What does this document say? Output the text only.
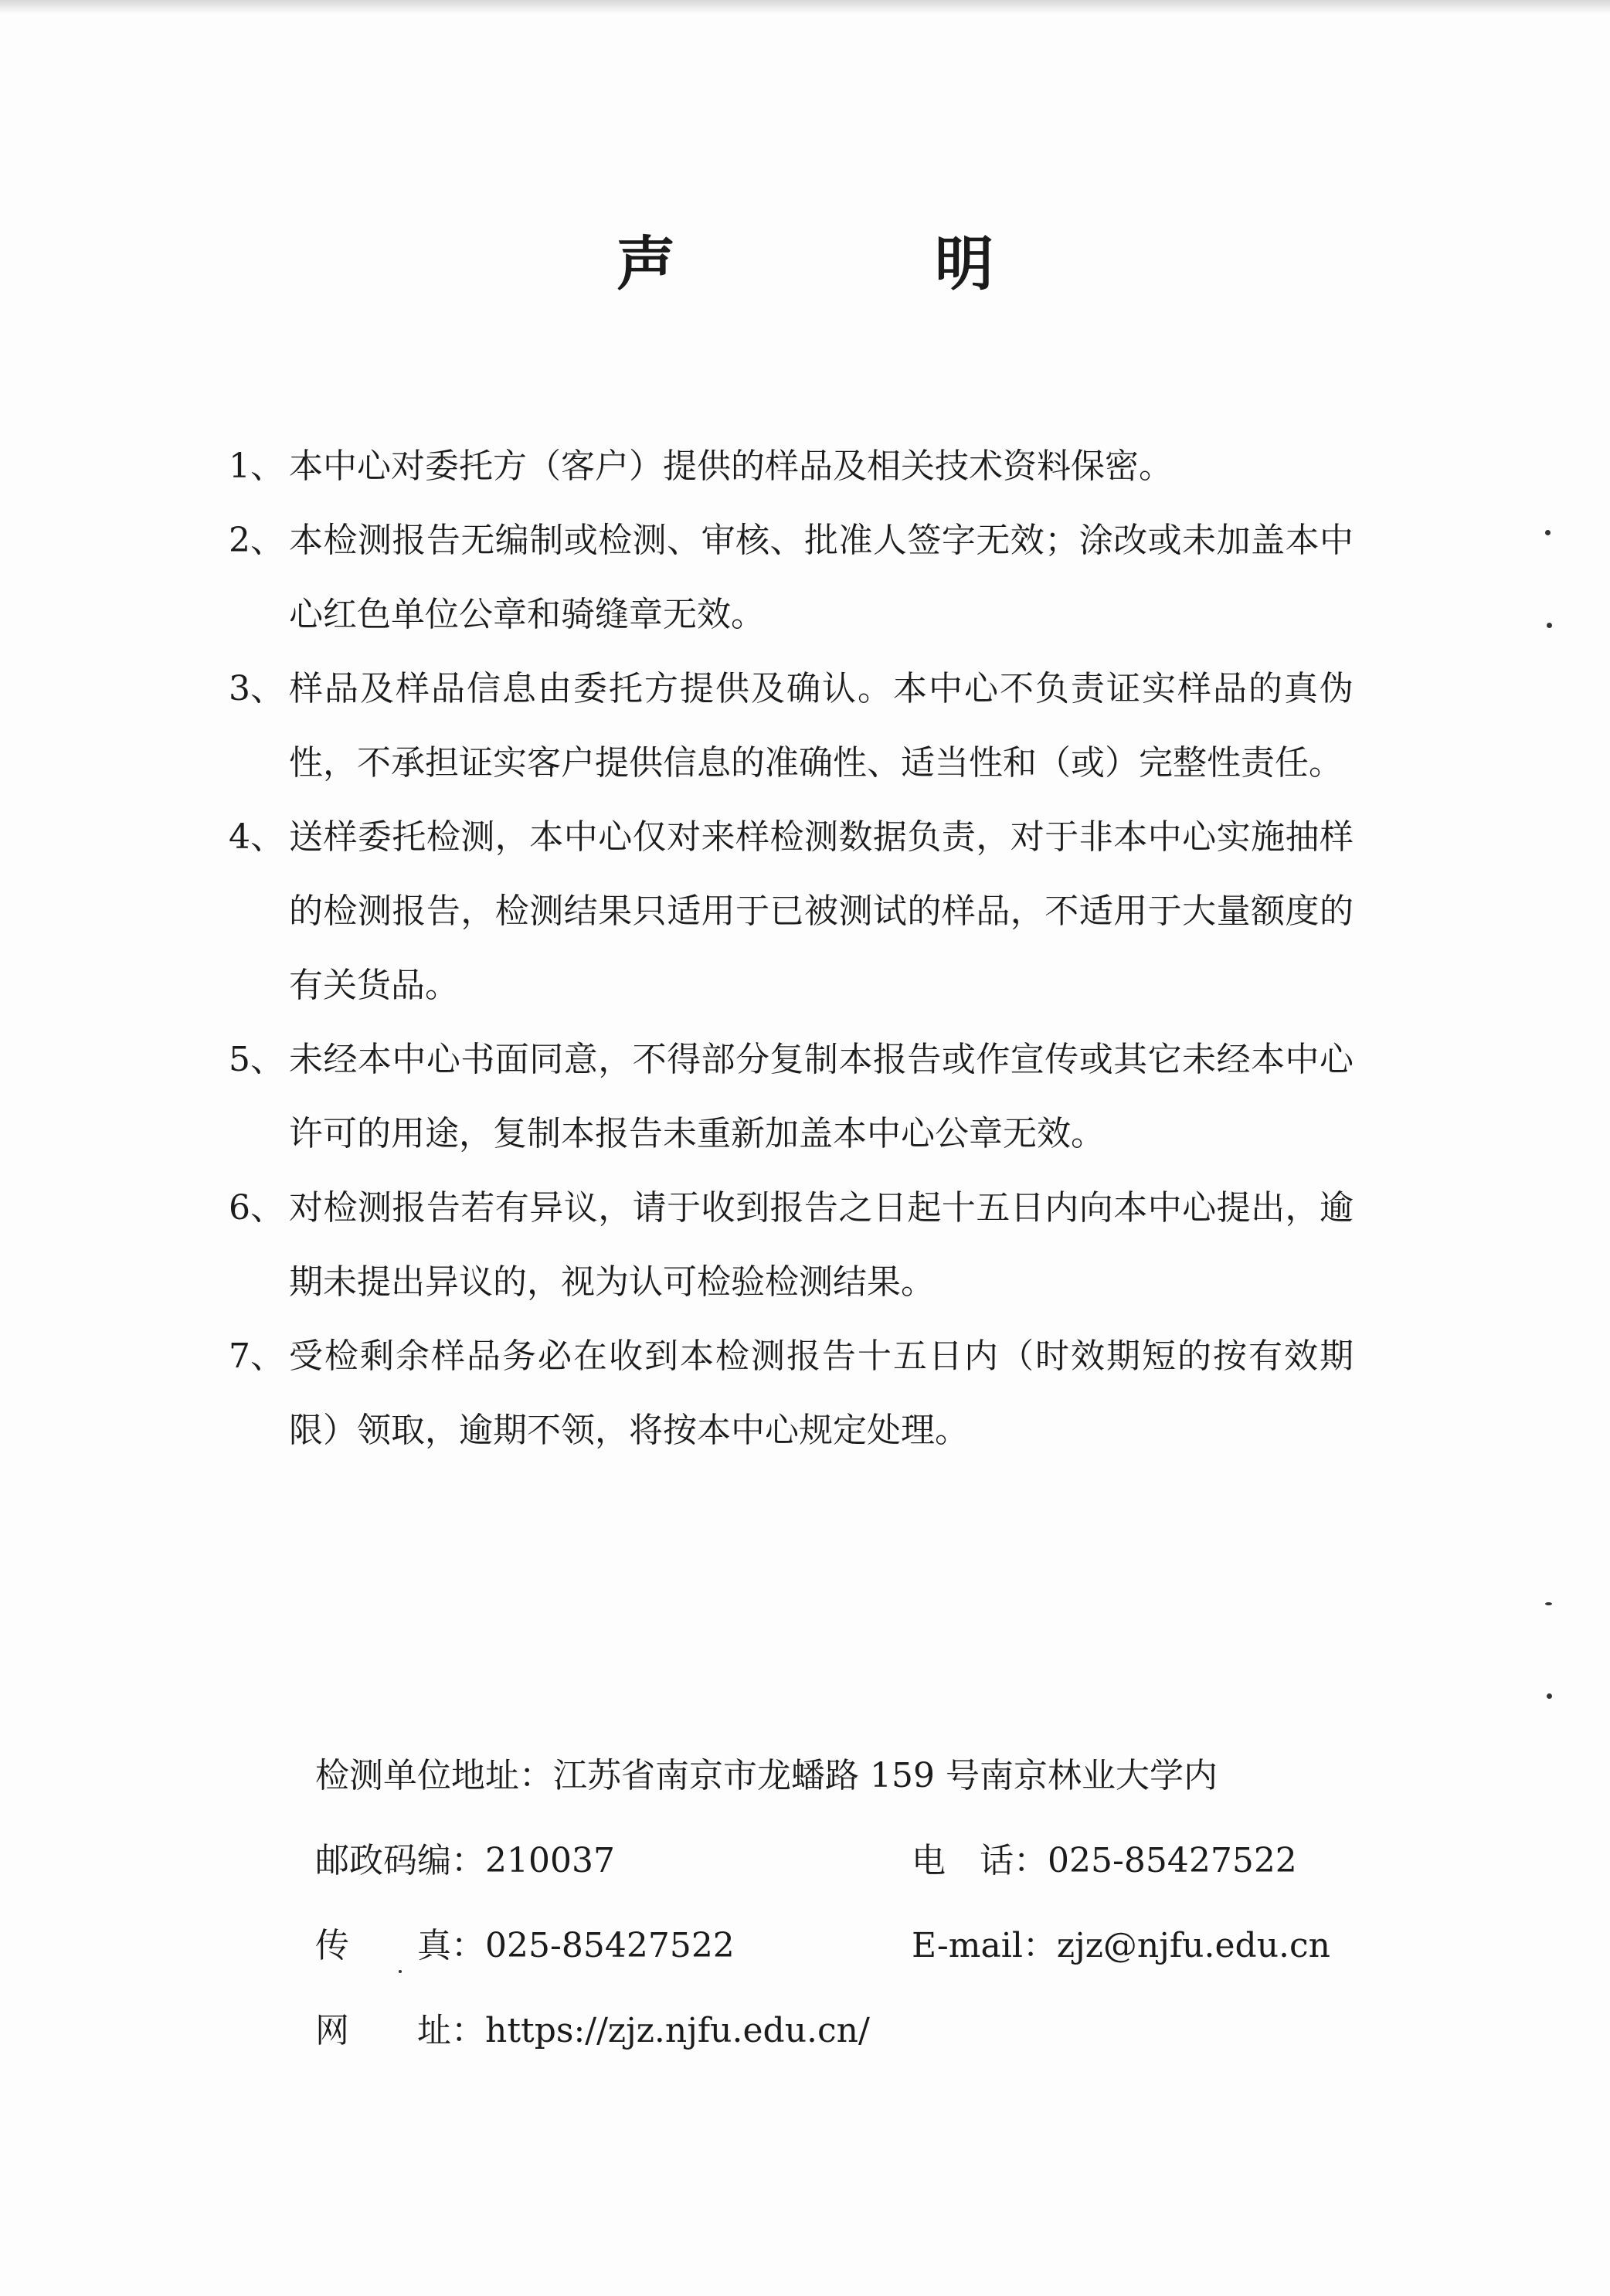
声　明
1、 本中心对委托方（客户）提供的样品及相关技术资料保密。
2、 本检测报告无编制或检测、审核、批准人签字无效；涂改或未加盖本中心红色单位公章和骑缝章无效。
3、 样品及样品信息由委托方提供及确认。本中心不负责证实样品的真伪性，不承担证实客户提供信息的准确性、适当性和（或）完整性责任。
4、 送样委托检测，本中心仅对来样检测数据负责，对于非本中心实施抽样的检测报告，检测结果只适用于已被测试的样品，不适用于大量额度的有关货品。
5、 未经本中心书面同意，不得部分复制本报告或作宣传或其它未经本中心许可的用途，复制本报告未重新加盖本中心公章无效。
6、 对检测报告若有异议，请于收到报告之日起十五日内向本中心提出，逾期未提出异议的，视为认可检验检测结果。
7、 受检剩余样品务必在收到本检测报告十五日内（时效期短的按有效期限）领取，逾期不领，将按本中心规定处理。
检测单位地址：江苏省南京市龙蟠路 159 号南京林业大学内
邮政码编：210037	电　话：025-85427522
传　　真：025-85427522	E-mail：zjz@njfu.edu.cn
网　　址：https://zjz.njfu.edu.cn/
